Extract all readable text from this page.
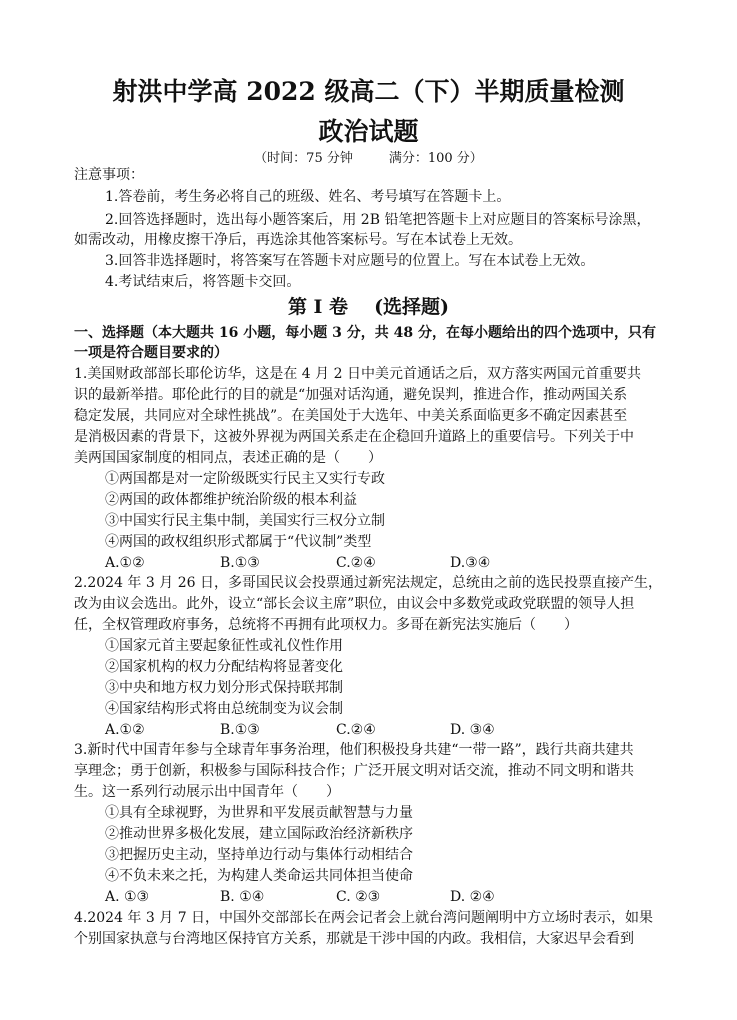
射洪中学高 2022 级高二（下）半期质量检测
政治试题
（时间：75 分钟	满分：100 分）
注意事项：
1.答卷前，考生务必将自己的班级、姓名、考号填写在答题卡上。
2.回答选择题时，选出每小题答案后，用 2B 铅笔把答题卡上对应题目的答案标号涂黑，
如需改动，用橡皮擦干净后，再选涂其他答案标号。写在本试卷上无效。
3.回答非选择题时，将答案写在答题卡对应题号的位置上。写在本试卷上无效。
4.考试结束后，将答题卡交回。
第 I 卷 (选择题)
一、选择题（本大题共 16 小题，每小题 3 分，共 48 分，在每小题给出的四个选项中，只有
一项是符合题目要求的）
1.美国财政部部长耶伦访华，这是在 4 月 2 日中美元首通话之后，双方落实两国元首重要共
识的最新举措。耶伦此行的目的就是“加强对话沟通，避免误判，推进合作，推动两国关系
稳定发展，共同应对全球性挑战”。在美国处于大选年、中美关系面临更多不确定因素甚至
是消极因素的背景下，这被外界视为两国关系走在企稳回升道路上的重要信号。下列关于中
美两国国家制度的相同点，表述正确的是（　　）
①两国都是对一定阶级既实行民主又实行专政
②两国的政体都维护统治阶级的根本利益
③中国实行民主集中制，美国实行三权分立制
④两国的政权组织形式都属于“代议制”类型
A.①②	B.①③	C.②④	D.③④
2.2024 年 3 月 26 日，多哥国民议会投票通过新宪法规定，总统由之前的选民投票直接产生，
改为由议会选出。此外，设立“部长会议主席”职位，由议会中多数党或政党联盟的领导人担
任，全权管理政府事务，总统将不再拥有此项权力。多哥在新宪法实施后（　　）
①国家元首主要起象征性或礼仪性作用
②国家机构的权力分配结构将显著变化
③中央和地方权力划分形式保持联邦制
④国家结构形式将由总统制变为议会制
A.①②	B.①③	C.②④	D. ③④
3.新时代中国青年参与全球青年事务治理，他们积极投身共建“一带一路”，践行共商共建共
享理念；勇于创新，积极参与国际科技合作；广泛开展文明对话交流，推动不同文明和谐共
生。这一系列行动展示出中国青年（　　）
①具有全球视野，为世界和平发展贡献智慧与力量
②推动世界多极化发展，建立国际政治经济新秩序
③把握历史主动，坚持单边行动与集体行动相结合
④不负未来之托，为构建人类命运共同体担当使命
A. ①③	B. ①④	C. ②③	D. ②④
4.2024 年 3 月 7 日，中国外交部部长在两会记者会上就台湾问题阐明中方立场时表示，如果
个别国家执意与台湾地区保持官方关系，那就是干涉中国的内政。我相信，大家迟早会看到
